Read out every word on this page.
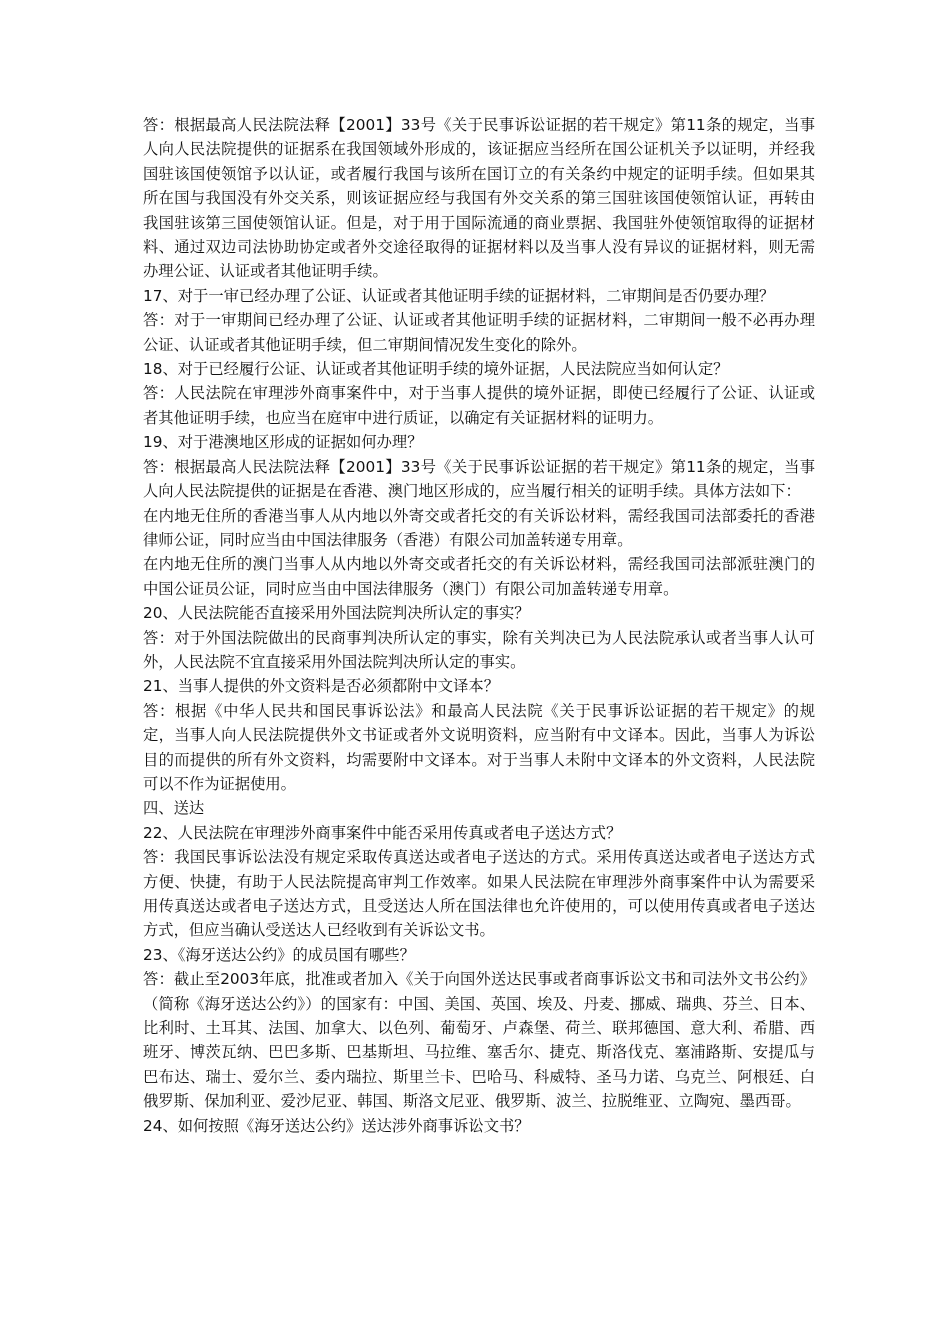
答：根据最高人民法院法释【2001】33号《关于民事诉讼证据的若干规定》第11条的规定，当事人向人民法院提供的证据系在我国领域外形成的，该证据应当经所在国公证机关予以证明，并经我国驻该国使领馆予以认证，或者履行我国与该所在国订立的有关条约中规定的证明手续。但如果其所在国与我国没有外交关系，则该证据应经与我国有外交关系的第三国驻该国使领馆认证，再转由我国驻该第三国使领馆认证。但是，对于用于国际流通的商业票据、我国驻外使领馆取得的证据材料、通过双边司法协助协定或者外交途径取得的证据材料以及当事人没有异议的证据材料，则无需办理公证、认证或者其他证明手续。

17、对于一审已经办理了公证、认证或者其他证明手续的证据材料，二审期间是否仍要办理？

答：对于一审期间已经办理了公证、认证或者其他证明手续的证据材料，二审期间一般不必再办理公证、认证或者其他证明手续，但二审期间情况发生变化的除外。

18、对于已经履行公证、认证或者其他证明手续的境外证据，人民法院应当如何认定？

答：人民法院在审理涉外商事案件中，对于当事人提供的境外证据，即使已经履行了公证、认证或者其他证明手续，也应当在庭审中进行质证，以确定有关证据材料的证明力。

19、对于港澳地区形成的证据如何办理？

答：根据最高人民法院法释【2001】33号《关于民事诉讼证据的若干规定》第11条的规定，当事人向人民法院提供的证据是在香港、澳门地区形成的，应当履行相关的证明手续。具体方法如下：

在内地无住所的香港当事人从内地以外寄交或者托交的有关诉讼材料，需经我国司法部委托的香港律师公证，同时应当由中国法律服务（香港）有限公司加盖转递专用章。

在内地无住所的澳门当事人从内地以外寄交或者托交的有关诉讼材料，需经我国司法部派驻澳门的中国公证员公证，同时应当由中国法律服务（澳门）有限公司加盖转递专用章。

20、人民法院能否直接采用外国法院判决所认定的事实？

答：对于外国法院做出的民商事判决所认定的事实，除有关判决已为人民法院承认或者当事人认可外，人民法院不宜直接采用外国法院判决所认定的事实。

21、当事人提供的外文资料是否必须都附中文译本？

答：根据《中华人民共和国民事诉讼法》和最高人民法院《关于民事诉讼证据的若干规定》的规定，当事人向人民法院提供外文书证或者外文说明资料，应当附有中文译本。因此，当事人为诉讼目的而提供的所有外文资料，均需要附中文译本。对于当事人未附中文译本的外文资料，人民法院可以不作为证据使用。

四、送达

22、人民法院在审理涉外商事案件中能否采用传真或者电子送达方式？

答：我国民事诉讼法没有规定采取传真送达或者电子送达的方式。采用传真送达或者电子送达方式方便、快捷，有助于人民法院提高审判工作效率。如果人民法院在审理涉外商事案件中认为需要采用传真送达或者电子送达方式，且受送达人所在国法律也允许使用的，可以使用传真或者电子送达方式，但应当确认受送达人已经收到有关诉讼文书。

23、《海牙送达公约》的成员国有哪些？

答：截止至2003年底，批准或者加入《关于向国外送达民事或者商事诉讼文书和司法外文书公约》（简称《海牙送达公约》）的国家有：中国、美国、英国、埃及、丹麦、挪威、瑞典、芬兰、日本、比利时、土耳其、法国、加拿大、以色列、葡萄牙、卢森堡、荷兰、联邦德国、意大利、希腊、西班牙、博茨瓦纳、巴巴多斯、巴基斯坦、马拉维、塞舌尔、捷克、斯洛伐克、塞浦路斯、安提瓜与巴布达、瑞士、爱尔兰、委内瑞拉、斯里兰卡、巴哈马、科威特、圣马力诺、乌克兰、阿根廷、白俄罗斯、保加利亚、爱沙尼亚、韩国、斯洛文尼亚、俄罗斯、波兰、拉脱维亚、立陶宛、墨西哥。

24、如何按照《海牙送达公约》送达涉外商事诉讼文书？
